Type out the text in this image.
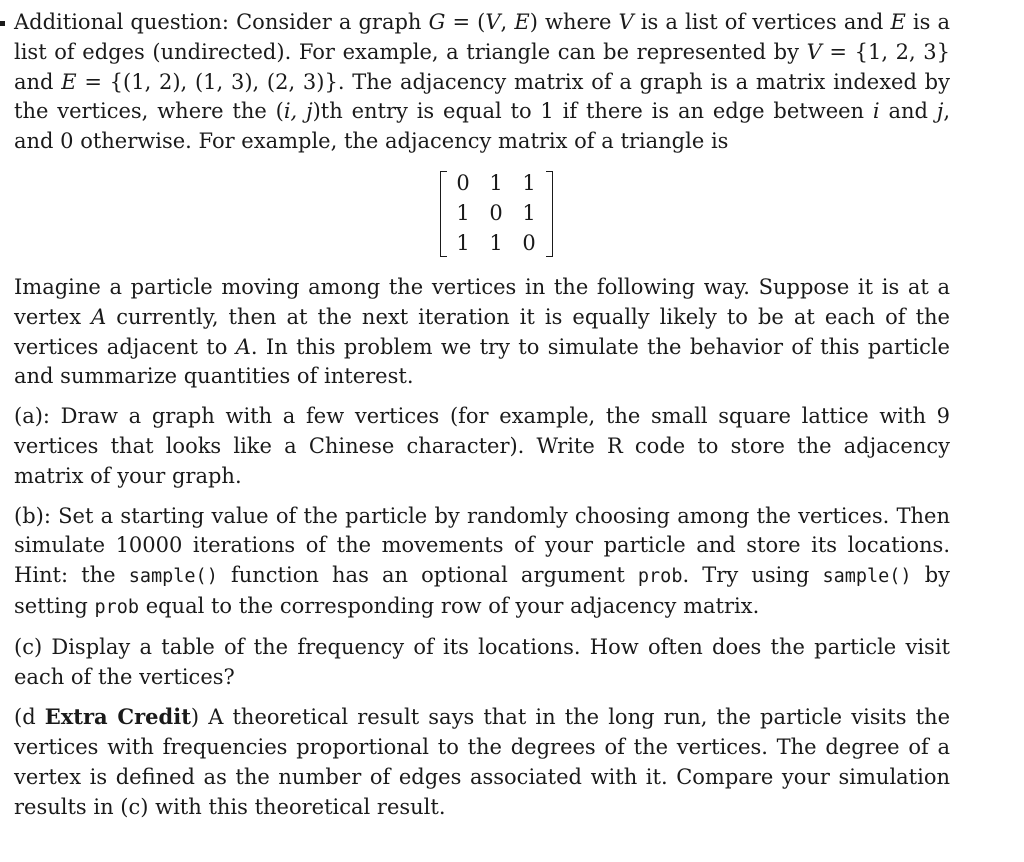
Additional question: Consider a graph G = (V, E) where V is a list of vertices and E is a list of edges (undirected). For example, a triangle can be represented by V = {1, 2, 3} and E = {(1, 2), (1, 3), (2, 3)}. The adjacency matrix of a graph is a matrix indexed by the vertices, where the (i, j)th entry is equal to 1 if there is an edge between i and j, and 0 otherwise. For example, the adjacency matrix of a triangle is

0 1 1
1 0 1
1 1 0

Imagine a particle moving among the vertices in the following way. Suppose it is at a vertex A currently, then at the next iteration it is equally likely to be at each of the vertices adjacent to A. In this problem we try to simulate the behavior of this particle and summarize quantities of interest.

(a): Draw a graph with a few vertices (for example, the small square lattice with 9 vertices that looks like a Chinese character). Write R code to store the adjacency matrix of your graph.

(b): Set a starting value of the particle by randomly choosing among the vertices. Then simulate 10000 iterations of the movements of your particle and store its locations. Hint: the sample() function has an optional argument prob. Try using sample() by setting prob equal to the corresponding row of your adjacency matrix.

(c) Display a table of the frequency of its locations. How often does the particle visit each of the vertices?

(d Extra Credit) A theoretical result says that in the long run, the particle visits the vertices with frequencies proportional to the degrees of the vertices. The degree of a vertex is defined as the number of edges associated with it. Compare your simulation results in (c) with this theoretical result.
